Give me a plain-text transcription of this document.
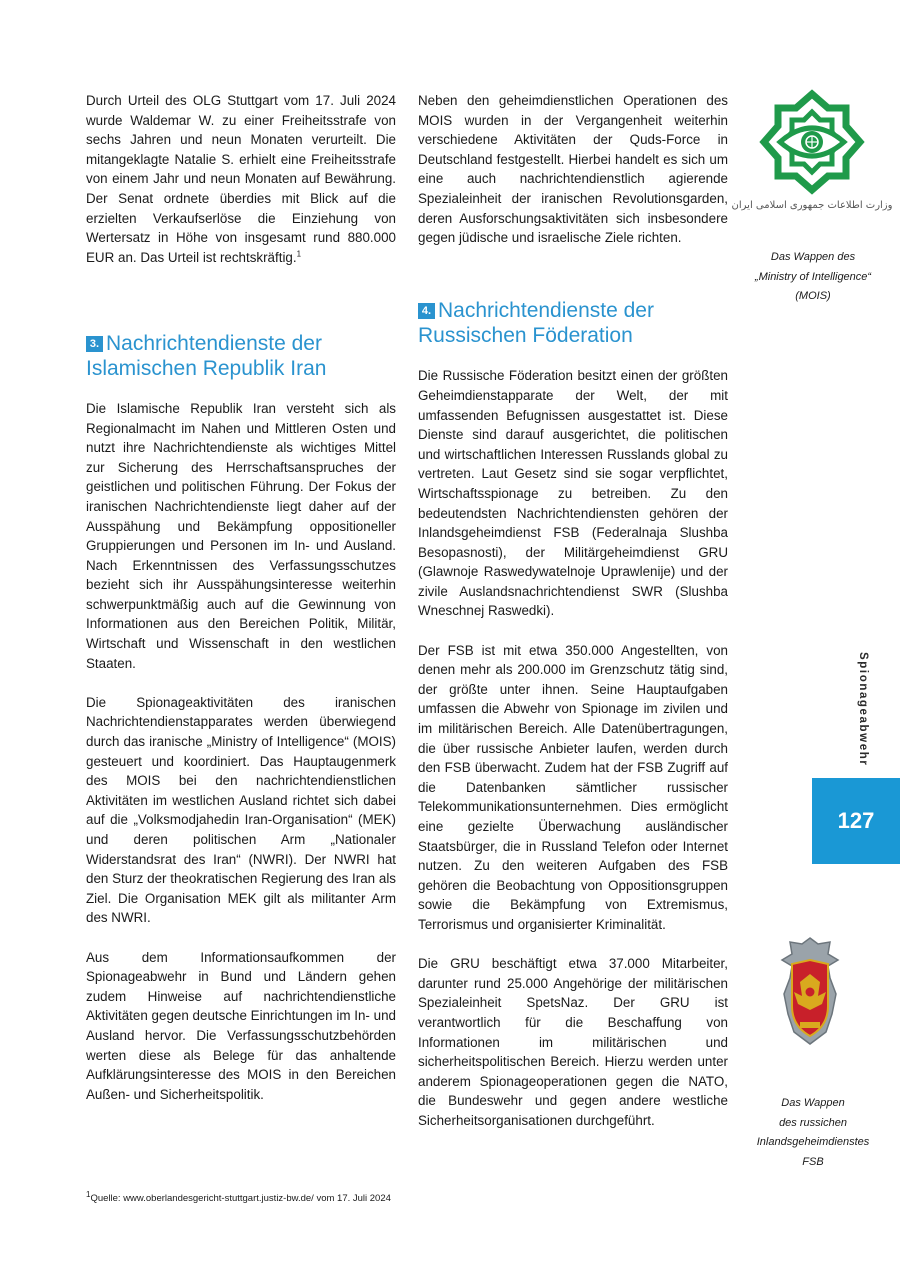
Durch Urteil des OLG Stuttgart vom 17. Juli 2024 wurde Waldemar W. zu einer Freiheitsstrafe von sechs Jahren und neun Monaten verurteilt. Die mitangeklagte Natalie S. erhielt eine Freiheitsstrafe von einem Jahr und neun Monaten auf Bewährung. Der Senat ordnete überdies mit Blick auf die erzielten Verkaufserlöse die Einziehung von Wertersatz in Höhe von insgesamt rund 880.000 EUR an. Das Urteil ist rechtskräftig.$^1$

3. Nachrichtendienste der Islamischen Republik Iran

Die Islamische Republik Iran versteht sich als Regionalmacht im Nahen und Mittleren Osten und nutzt ihre Nachrichtendienste als wichtiges Mittel zur Sicherung des Herrschaftsanspruches der geistlichen und politischen Führung. Der Fokus der iranischen Nachrichtendienste liegt daher auf der Ausspähung und Bekämpfung oppositioneller Gruppierungen und Personen im In- und Ausland. Nach Erkenntnissen des Verfassungsschutzes bezieht sich ihr Ausspähungsinteresse weiterhin schwerpunktmäßig auch auf die Gewinnung von Informationen aus den Bereichen Politik, Militär, Wirtschaft und Wissenschaft in den westlichen Staaten.

Die Spionageaktivitäten des iranischen Nachrichtendienstapparates werden überwiegend durch das iranische „Ministry of Intelligence“ (MOIS) gesteuert und koordiniert. Das Hauptaugenmerk des MOIS bei den nachrichtendienstlichen Aktivitäten im westlichen Ausland richtet sich dabei auf die „Volksmodjahedin Iran-Organisation“ (MEK) und deren politischen Arm „Nationaler Widerstandsrat des Iran“ (NWRI). Der NWRI hat den Sturz der theokratischen Regierung des Iran als Ziel. Die Organisation MEK gilt als militanter Arm des NWRI.

Aus dem Informationsaufkommen der Spionageabwehr in Bund und Ländern gehen zudem Hinweise auf nachrichtendienstliche Aktivitäten gegen deutsche Einrichtungen im In- und Ausland hervor. Die Verfassungsschutzbehörden werten diese als Belege für das anhaltende Aufklärungsinteresse des MOIS in den Bereichen Außen- und Sicherheitspolitik.

Neben den geheimdienstlichen Operationen des MOIS wurden in der Vergangenheit weiterhin verschiedene Aktivitäten der Quds-Force in Deutschland festgestellt. Hierbei handelt es sich um eine auch nachrichtendienstlich agierende Spezialeinheit der iranischen Revolutionsgarden, deren Ausforschungsaktivitäten sich insbesondere gegen jüdische und israelische Ziele richten.

4. Nachrichtendienste der Russischen Föderation

Die Russische Föderation besitzt einen der größten Geheimdienstapparate der Welt, der mit umfassenden Befugnissen ausgestattet ist. Diese Dienste sind darauf ausgerichtet, die politischen und wirtschaftlichen Interessen Russlands global zu vertreten. Laut Gesetz sind sie sogar verpflichtet, Wirtschaftsspionage zu betreiben. Zu den bedeutendsten Nachrichtendiensten gehören der Inlandsgeheimdienst FSB (Federalnaja Slushba Besopasnosti), der Militärgeheimdienst GRU (Glawnoje Raswedywatelnoje Uprawlenije) und der zivile Auslandsnachrichtendienst SWR (Slushba Wneschnej Raswedki).

Der FSB ist mit etwa 350.000 Angestellten, von denen mehr als 200.000 im Grenzschutz tätig sind, der größte unter ihnen. Seine Hauptaufgaben umfassen die Abwehr von Spionage im zivilen und im militärischen Bereich. Alle Datenübertragungen, die über russische Anbieter laufen, werden durch den FSB überwacht. Zudem hat der FSB Zugriff auf die Datenbanken sämtlicher russischer Telekommunikationsunternehmen. Dies ermöglicht eine gezielte Überwachung ausländischer Staatsbürger, die in Russland Telefon oder Internet nutzen. Zu den weiteren Aufgaben des FSB gehören die Beobachtung von Oppositionsgruppen sowie die Bekämpfung von Extremismus, Terrorismus und organisierter Kriminalität.

Die GRU beschäftigt etwa 37.000 Mitarbeiter, darunter rund 25.000 Angehörige der militärischen Spezialeinheit SpetsNaz. Der GRU ist verantwortlich für die Beschaffung von Informationen im militärischen und sicherheitspolitischen Bereich. Hierzu werden unter anderem Spionageoperationen gegen die NATO, die Bundeswehr und gegen andere westliche Sicherheitsorganisationen durchgeführt.

وزارت اطلاعات جمهوری اسلامی ایران
Das Wappen des
„Ministry of Intelligence“
(MOIS)
Spionageabwehr
127
Das Wappen
des russichen
Inlandsgeheimdienstes
FSB
$^1$Quelle: www.oberlandesgericht-stuttgart.justiz-bw.de/ vom 17. Juli 2024
